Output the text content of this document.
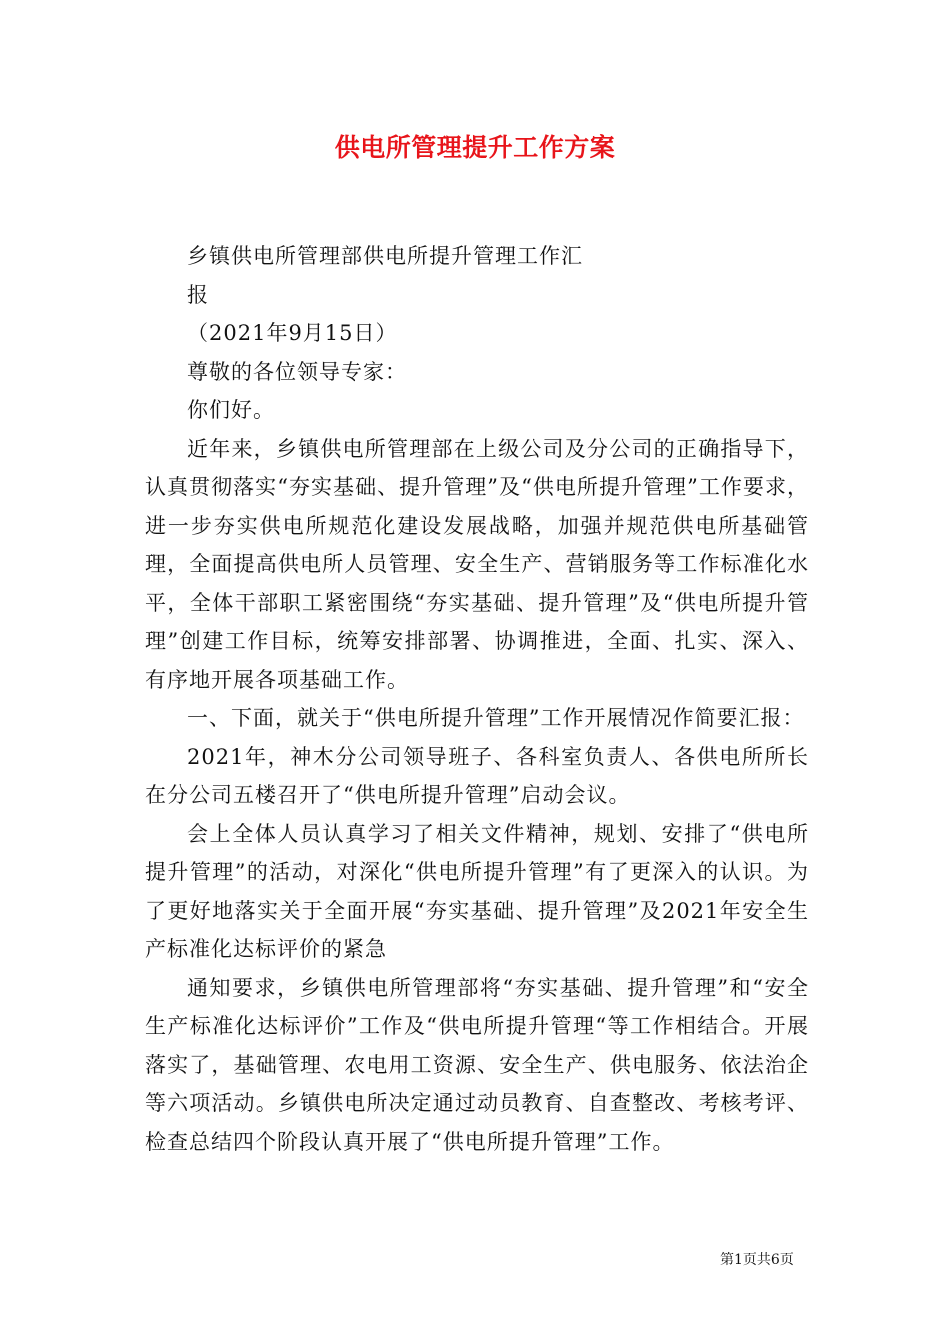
供电所管理提升工作方案

乡镇供电所管理部供电所提升管理工作汇

报

（2021年9月15日）

尊敬的各位领导专家：

你们好。

近年来，乡镇供电所管理部在上级公司及分公司的正确指导下，认真贯彻落实“夯实基础、提升管理”及“供电所提升管理”工作要求，进一步夯实供电所规范化建设发展战略，加强并规范供电所基础管理，全面提高供电所人员管理、安全生产、营销服务等工作标准化水平，全体干部职工紧密围绕“夯实基础、提升管理”及“供电所提升管理”创建工作目标，统筹安排部署、协调推进，全面、扎实、深入、有序地开展各项基础工作。

一、下面，就关于“供电所提升管理”工作开展情况作简要汇报：

2021年，神木分公司领导班子、各科室负责人、各供电所所长在分公司五楼召开了“供电所提升管理”启动会议。

会上全体人员认真学习了相关文件精神，规划、安排了“供电所提升管理”的活动，对深化“供电所提升管理”有了更深入的认识。为了更好地落实关于全面开展“夯实基础、提升管理”及2021年安全生产标准化达标评价的紧急

通知要求，乡镇供电所管理部将“夯实基础、提升管理”和“安全生产标准化达标评价”工作及“供电所提升管理“等工作相结合。开展落实了，基础管理、农电用工资源、安全生产、供电服务、依法治企等六项活动。乡镇供电所决定通过动员教育、自查整改、考核考评、检查总结四个阶段认真开展了“供电所提升管理”工作。

第1页共6页
